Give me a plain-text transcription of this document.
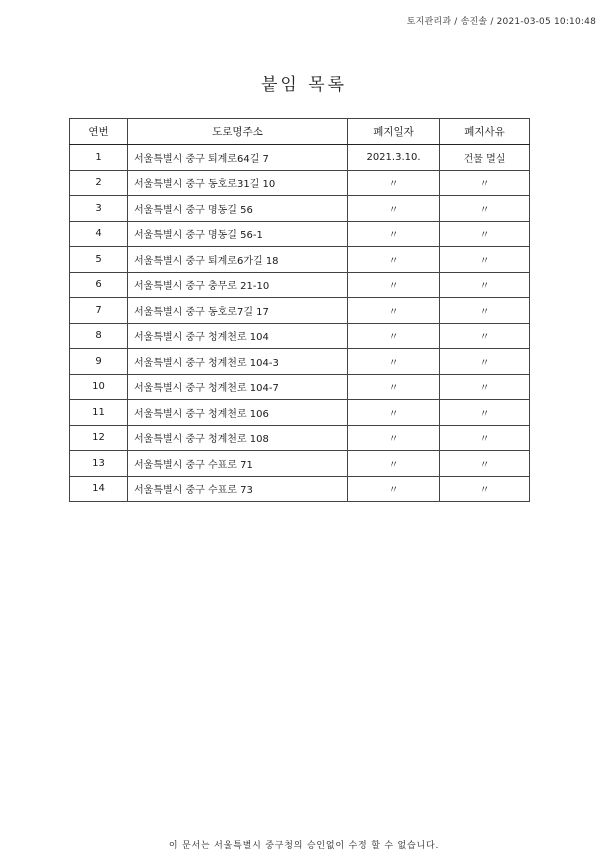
토지관리과 / 송진솔 / 2021-03-05 10:10:48
붙임 목록
연번	도로명주소	폐지일자	폐지사유
1	서울특별시 중구 퇴계로64길 7	2021.3.10.	건물 멸실
2	서울특별시 중구 동호로31길 10	〃	〃
3	서울특별시 중구 명동길 56	〃	〃
4	서울특별시 중구 명동길 56-1	〃	〃
5	서울특별시 중구 퇴계로6가길 18	〃	〃
6	서울특별시 중구 충무로 21-10	〃	〃
7	서울특별시 중구 동호로7길 17	〃	〃
8	서울특별시 중구 청계천로 104	〃	〃
9	서울특별시 중구 청계천로 104-3	〃	〃
10	서울특별시 중구 청계천로 104-7	〃	〃
11	서울특별시 중구 청계천로 106	〃	〃
12	서울특별시 중구 청계천로 108	〃	〃
13	서울특별시 중구 수표로 71	〃	〃
14	서울특별시 중구 수표로 73	〃	〃
이 문서는 서울특별시 중구청의 승인없이 수정 할 수 없습니다.
